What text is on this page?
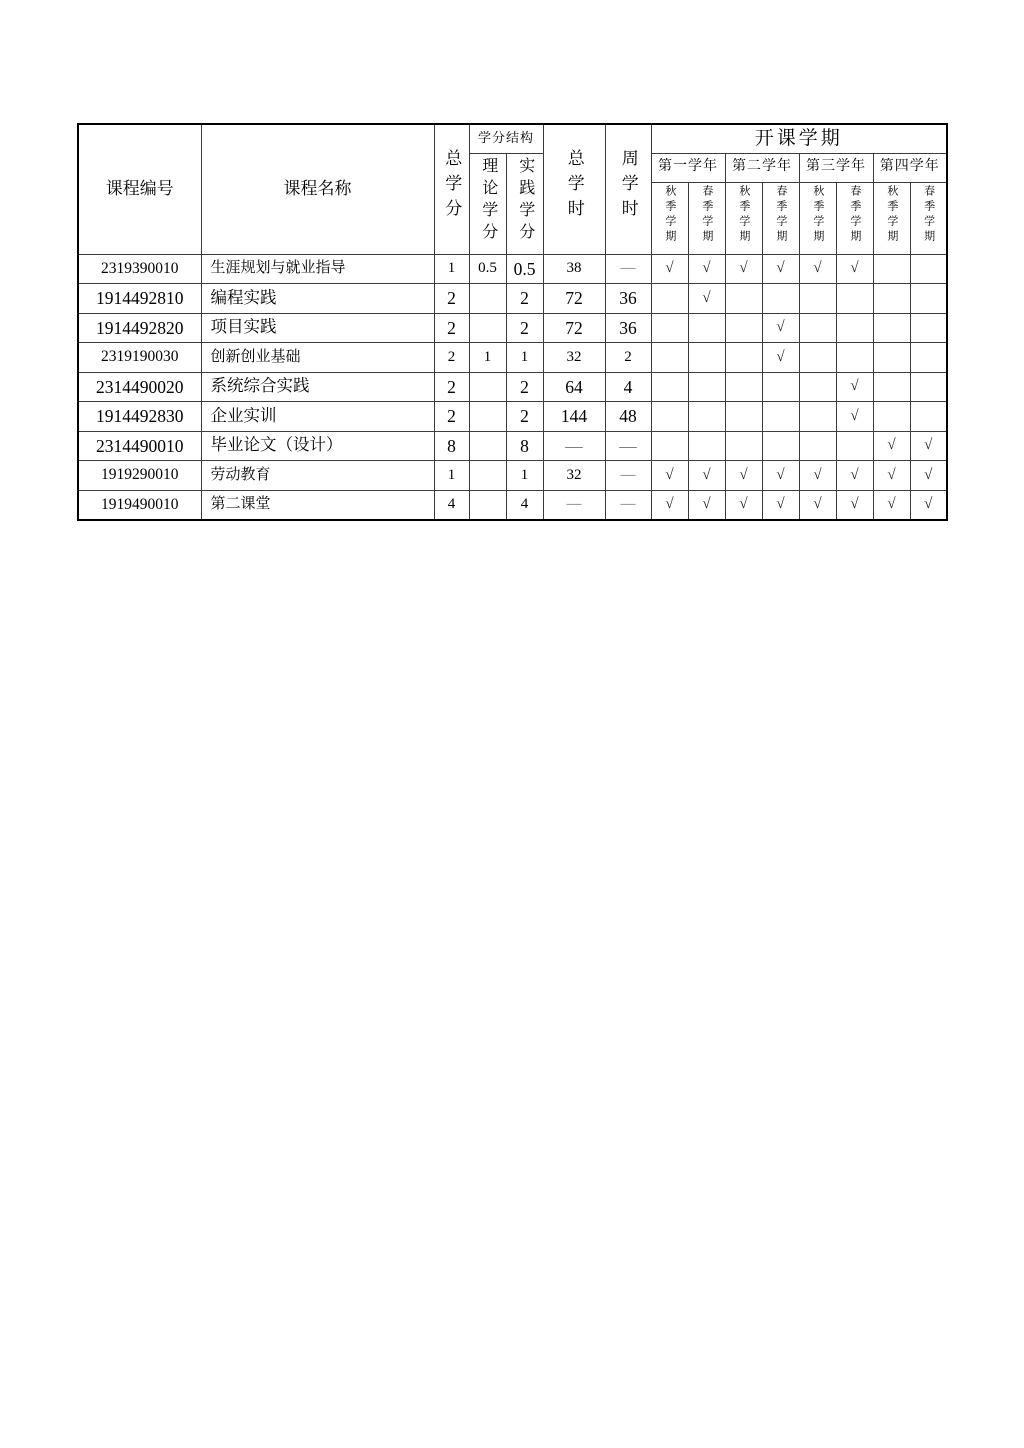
课程编号	课程名称	总学分	学分结构		总学时	周学时	开课学期							
			理论学分	实践学分			第一学年		第二学年		第三学年		第四学年	
							秋季学期	春季学期	秋季学期	春季学期	秋季学期	春季学期	秋季学期	春季学期
2319390010	生涯规划与就业指导	1	0.5	0.5	38	—	√	√	√	√	√	√		
1914492810	编程实践	2		2	72	36		√						
1914492820	项目实践	2		2	72	36				√				
2319190030	创新创业基础	2	1	1	32	2				√				
2314490020	系统综合实践	2		2	64	4						√		
1914492830	企业实训	2		2	144	48						√		
2314490010	毕业论文（设计）	8		8	—	—							√	√
1919290010	劳动教育	1		1	32	—	√	√	√	√	√	√	√	√
1919490010	第二课堂	4		4	—	—	√	√	√	√	√	√	√	√
